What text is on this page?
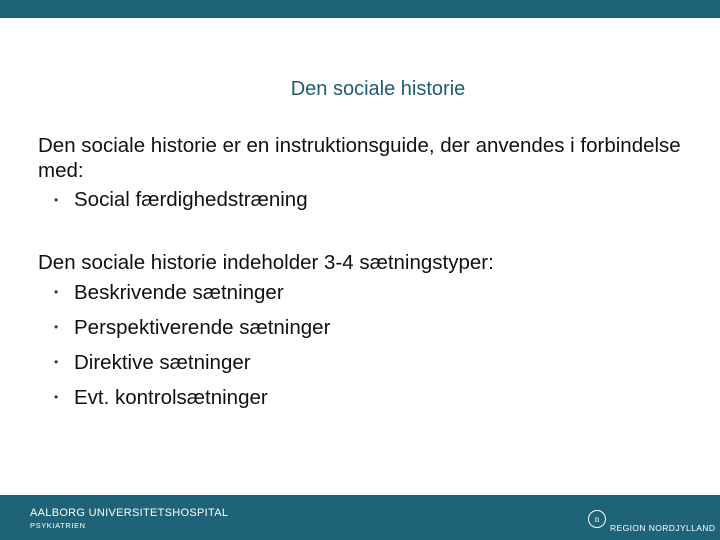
Den sociale historie

Den sociale historie er en instruktionsguide, der anvendes i forbindelse med:

• Social færdighedstræning

Den sociale historie indeholder 3-4 sætningstyper:

• Beskrivende sætninger
• Perspektiverende sætninger
• Direktive sætninger
• Evt. kontrolsætninger
AALBORG UNIVERSITETSHOSPITAL
PSYKIATRIEN
n
REGION NORDJYLLAND
